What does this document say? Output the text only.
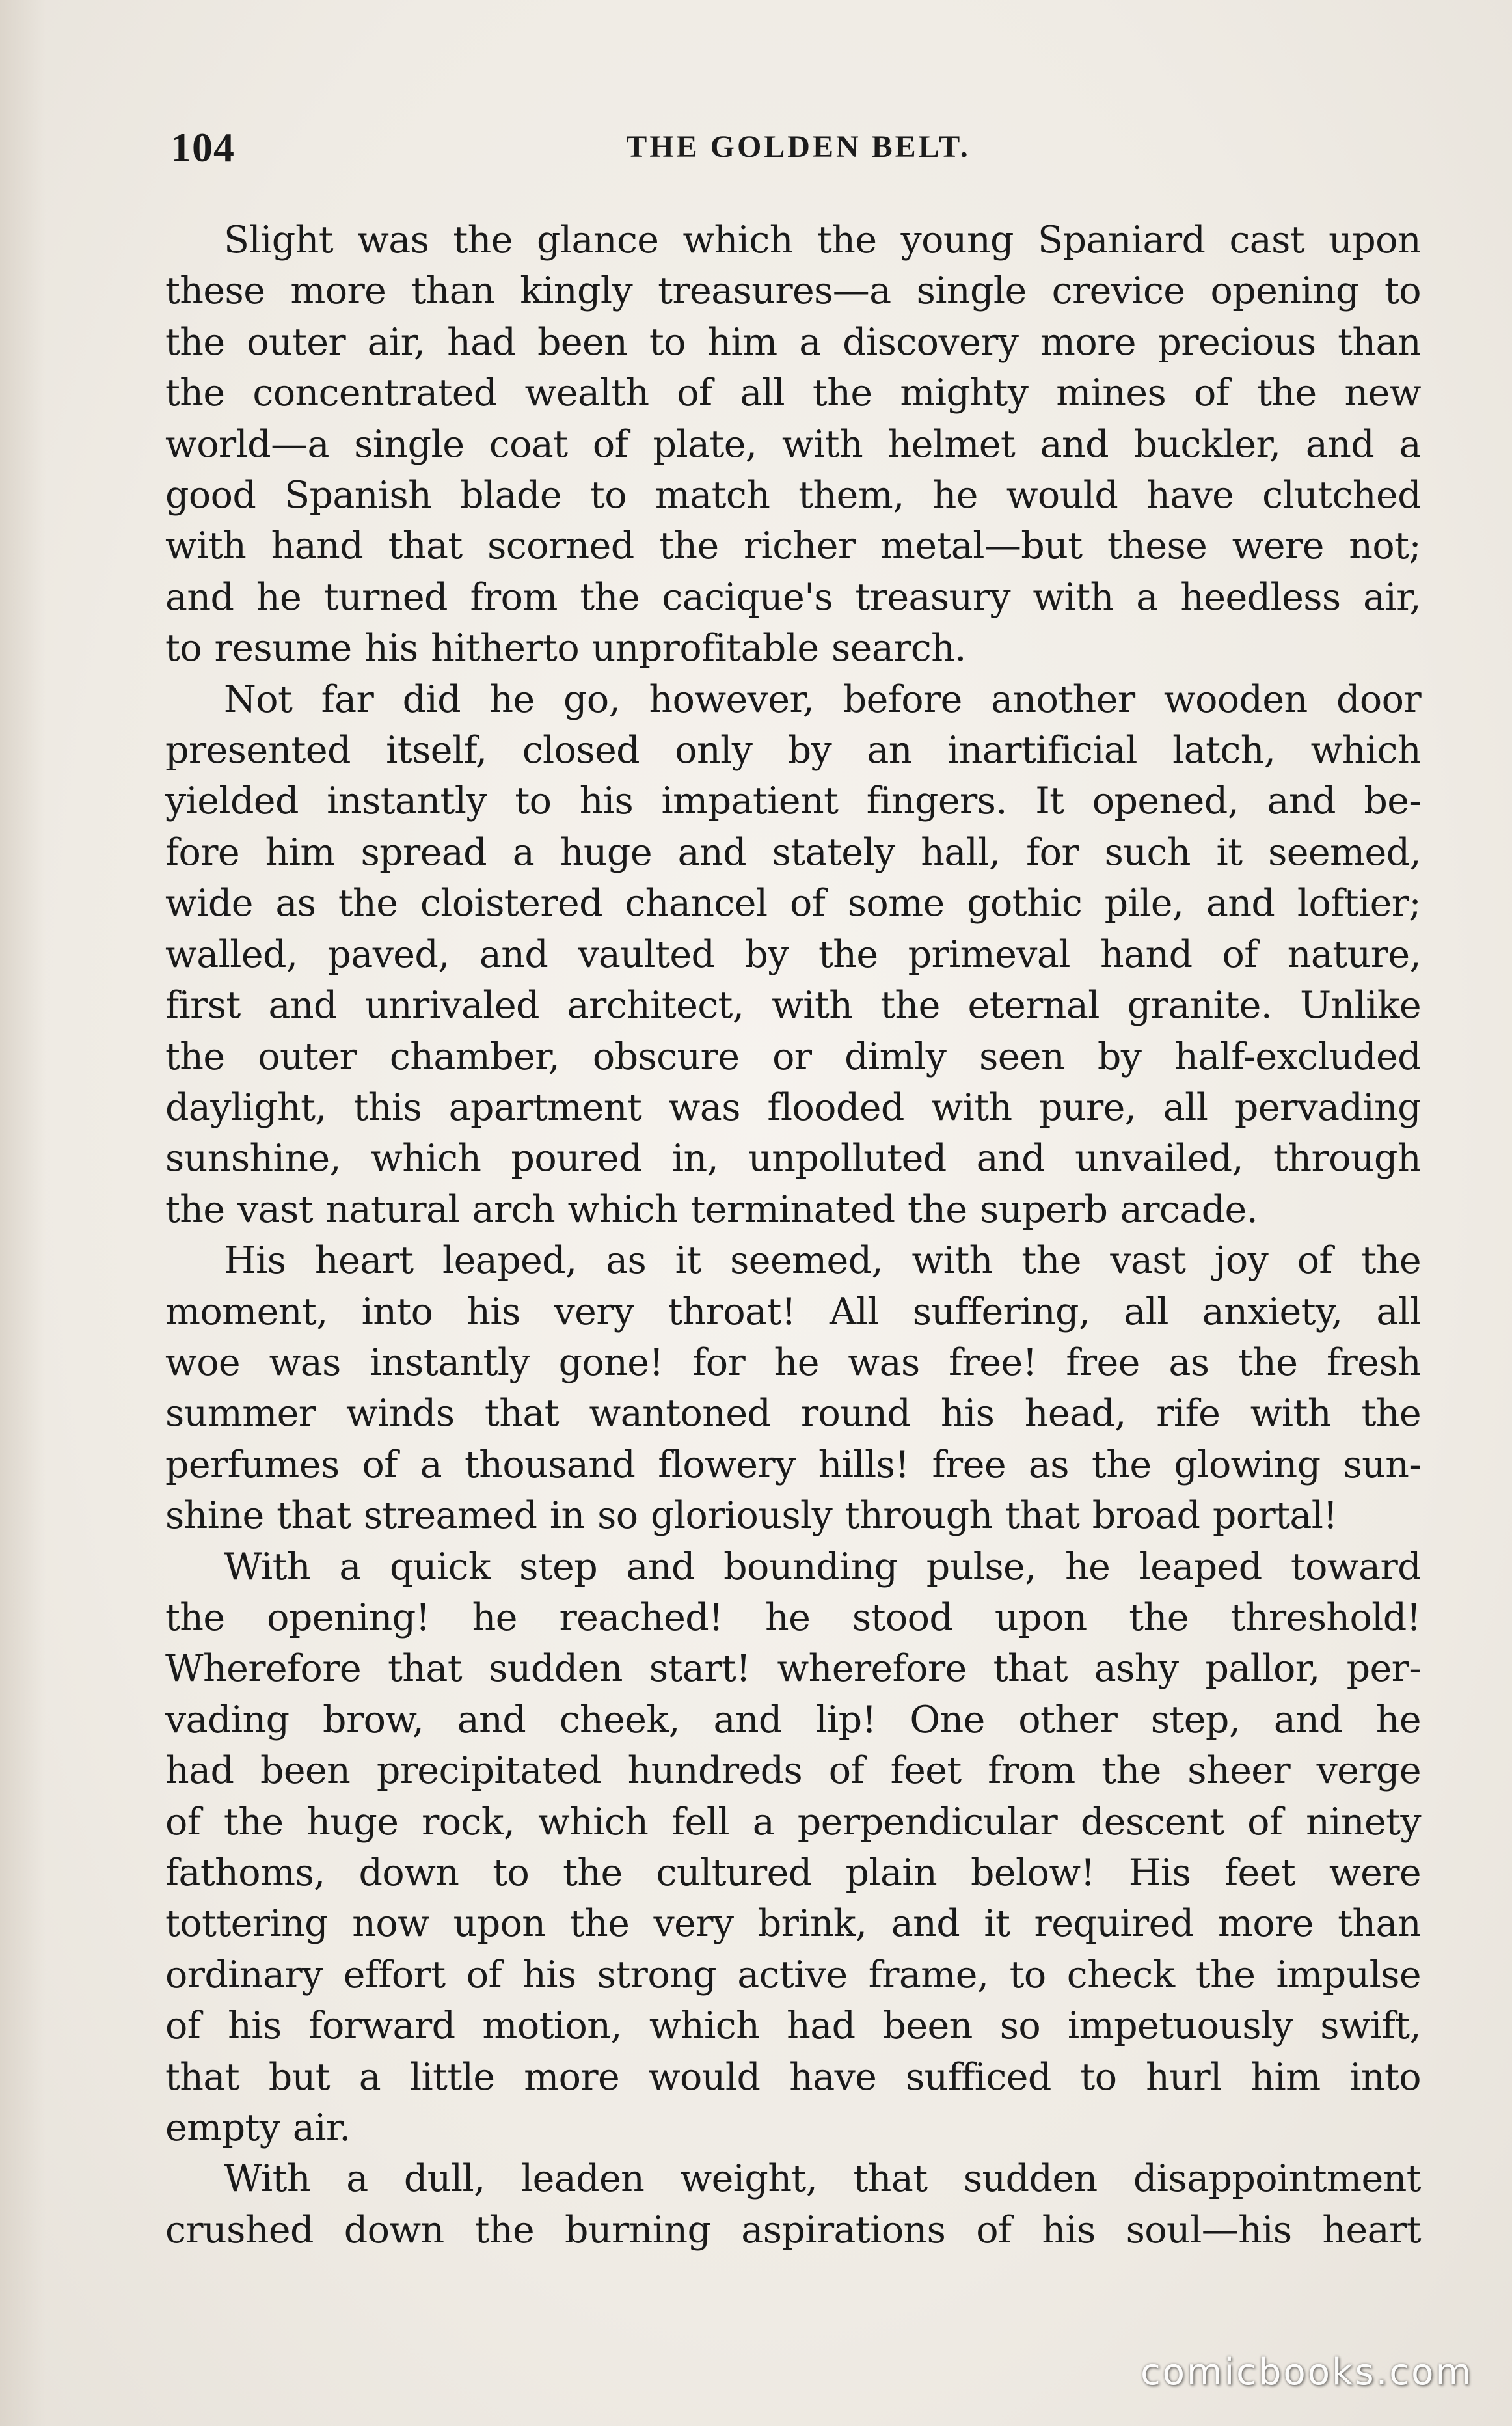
104	THE GOLDEN BELT.
Slight was the glance which the young Spaniard cast upon
these more than kingly treasures—a single crevice opening to
the outer air, had been to him a discovery more precious than
the concentrated wealth of all the mighty mines of the new
world—a single coat of plate, with helmet and buckler, and a
good Spanish blade to match them, he would have clutched
with hand that scorned the richer metal—but these were not;
and he turned from the cacique's treasury with a heedless air,
to resume his hitherto unprofitable search.
Not far did he go, however, before another wooden door
presented itself, closed only by an inartificial latch, which
yielded instantly to his impatient fingers. It opened, and be-
fore him spread a huge and stately hall, for such it seemed,
wide as the cloistered chancel of some gothic pile, and loftier;
walled, paved, and vaulted by the primeval hand of nature,
first and unrivaled architect, with the eternal granite. Unlike
the outer chamber, obscure or dimly seen by half-excluded
daylight, this apartment was flooded with pure, all pervading
sunshine, which poured in, unpolluted and unvailed, through
the vast natural arch which terminated the superb arcade.
His heart leaped, as it seemed, with the vast joy of the
moment, into his very throat! All suffering, all anxiety, all
woe was instantly gone! for he was free! free as the fresh
summer winds that wantoned round his head, rife with the
perfumes of a thousand flowery hills! free as the glowing sun-
shine that streamed in so gloriously through that broad portal!
With a quick step and bounding pulse, he leaped toward
the opening! he reached! he stood upon the threshold!
Wherefore that sudden start! wherefore that ashy pallor, per-
vading brow, and cheek, and lip! One other step, and he
had been precipitated hundreds of feet from the sheer verge
of the huge rock, which fell a perpendicular descent of ninety
fathoms, down to the cultured plain below! His feet were
tottering now upon the very brink, and it required more than
ordinary effort of his strong active frame, to check the impulse
of his forward motion, which had been so impetuously swift,
that but a little more would have sufficed to hurl him into
empty air.
With a dull, leaden weight, that sudden disappointment
crushed down the burning aspirations of his soul—his heart
comicbooks.com
